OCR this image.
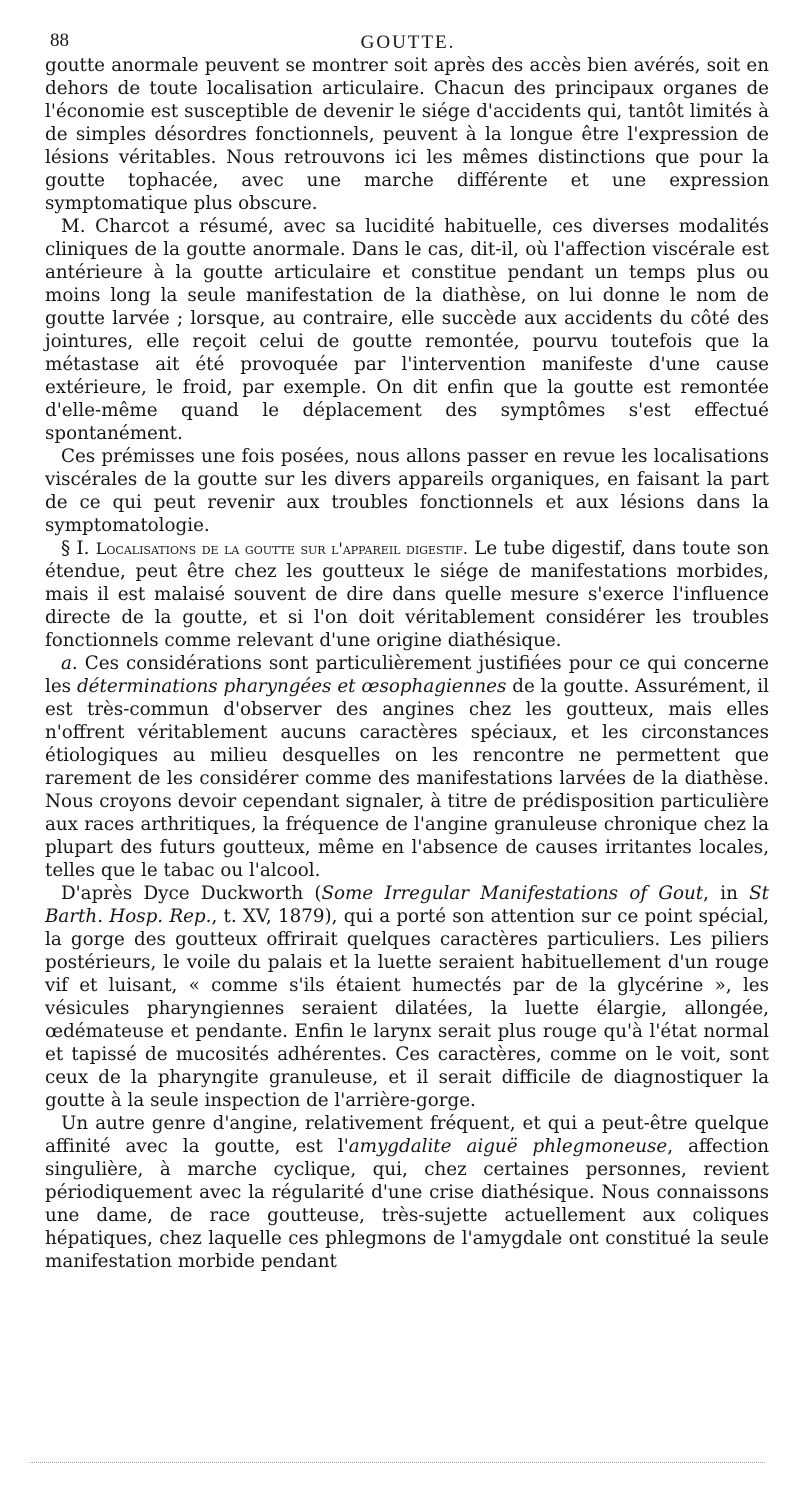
88	GOUTTE.

goutte anormale peuvent se montrer soit après des accès bien avérés, soit en dehors de toute localisation articulaire. Chacun des principaux organes de l'économie est susceptible de devenir le siége d'accidents qui, tantôt limités à de simples désordres fonctionnels, peuvent à la longue être l'expression de lésions véritables. Nous retrouvons ici les mêmes distinctions que pour la goutte tophacée, avec une marche différente et une expression symptomatique plus obscure.

M. Charcot a résumé, avec sa lucidité habituelle, ces diverses modalités cliniques de la goutte anormale. Dans le cas, dit-il, où l'affection viscérale est antérieure à la goutte articulaire et constitue pendant un temps plus ou moins long la seule manifestation de la diathèse, on lui donne le nom de goutte larvée ; lorsque, au contraire, elle succède aux accidents du côté des jointures, elle reçoit celui de goutte remontée, pourvu toutefois que la métastase ait été provoquée par l'intervention manifeste d'une cause extérieure, le froid, par exemple. On dit enfin que la goutte est remontée d'elle-même quand le déplacement des symptômes s'est effectué spontanément.

Ces prémisses une fois posées, nous allons passer en revue les localisations viscérales de la goutte sur les divers appareils organiques, en faisant la part de ce qui peut revenir aux troubles fonctionnels et aux lésions dans la symptomatologie.

§ I. Localisations de la goutte sur l'appareil digestif. Le tube digestif, dans toute son étendue, peut être chez les goutteux le siége de manifestations morbides, mais il est malaisé souvent de dire dans quelle mesure s'exerce l'influence directe de la goutte, et si l'on doit véritablement considérer les troubles fonctionnels comme relevant d'une origine diathésique.

a. Ces considérations sont particulièrement justifiées pour ce qui concerne les déterminations pharyngées et œsophagiennes de la goutte. Assurément, il est très-commun d'observer des angines chez les goutteux, mais elles n'offrent véritablement aucuns caractères spéciaux, et les circonstances étiologiques au milieu desquelles on les rencontre ne permettent que rarement de les considérer comme des manifestations larvées de la diathèse. Nous croyons devoir cependant signaler, à titre de prédisposition particulière aux races arthritiques, la fréquence de l'angine granuleuse chronique chez la plupart des futurs goutteux, même en l'absence de causes irritantes locales, telles que le tabac ou l'alcool.

D'après Dyce Duckworth (Some Irregular Manifestations of Gout, in St Barth. Hosp. Rep., t. XV, 1879), qui a porté son attention sur ce point spécial, la gorge des goutteux offrirait quelques caractères particuliers. Les piliers postérieurs, le voile du palais et la luette seraient habituellement d'un rouge vif et luisant, « comme s'ils étaient humectés par de la glycérine », les vésicules pharyngiennes seraient dilatées, la luette élargie, allongée, œdémateuse et pendante. Enfin le larynx serait plus rouge qu'à l'état normal et tapissé de mucosités adhérentes. Ces caractères, comme on le voit, sont ceux de la pharyngite granuleuse, et il serait difficile de diagnostiquer la goutte à la seule inspection de l'arrière-gorge.

Un autre genre d'angine, relativement fréquent, et qui a peut-être quelque affinité avec la goutte, est l'amygdalite aiguë phlegmoneuse, affection singulière, à marche cyclique, qui, chez certaines personnes, revient périodiquement avec la régularité d'une crise diathésique. Nous connaissons une dame, de race goutteuse, très-sujette actuellement aux coliques hépatiques, chez laquelle ces phlegmons de l'amygdale ont constitué la seule manifestation morbide pendant
